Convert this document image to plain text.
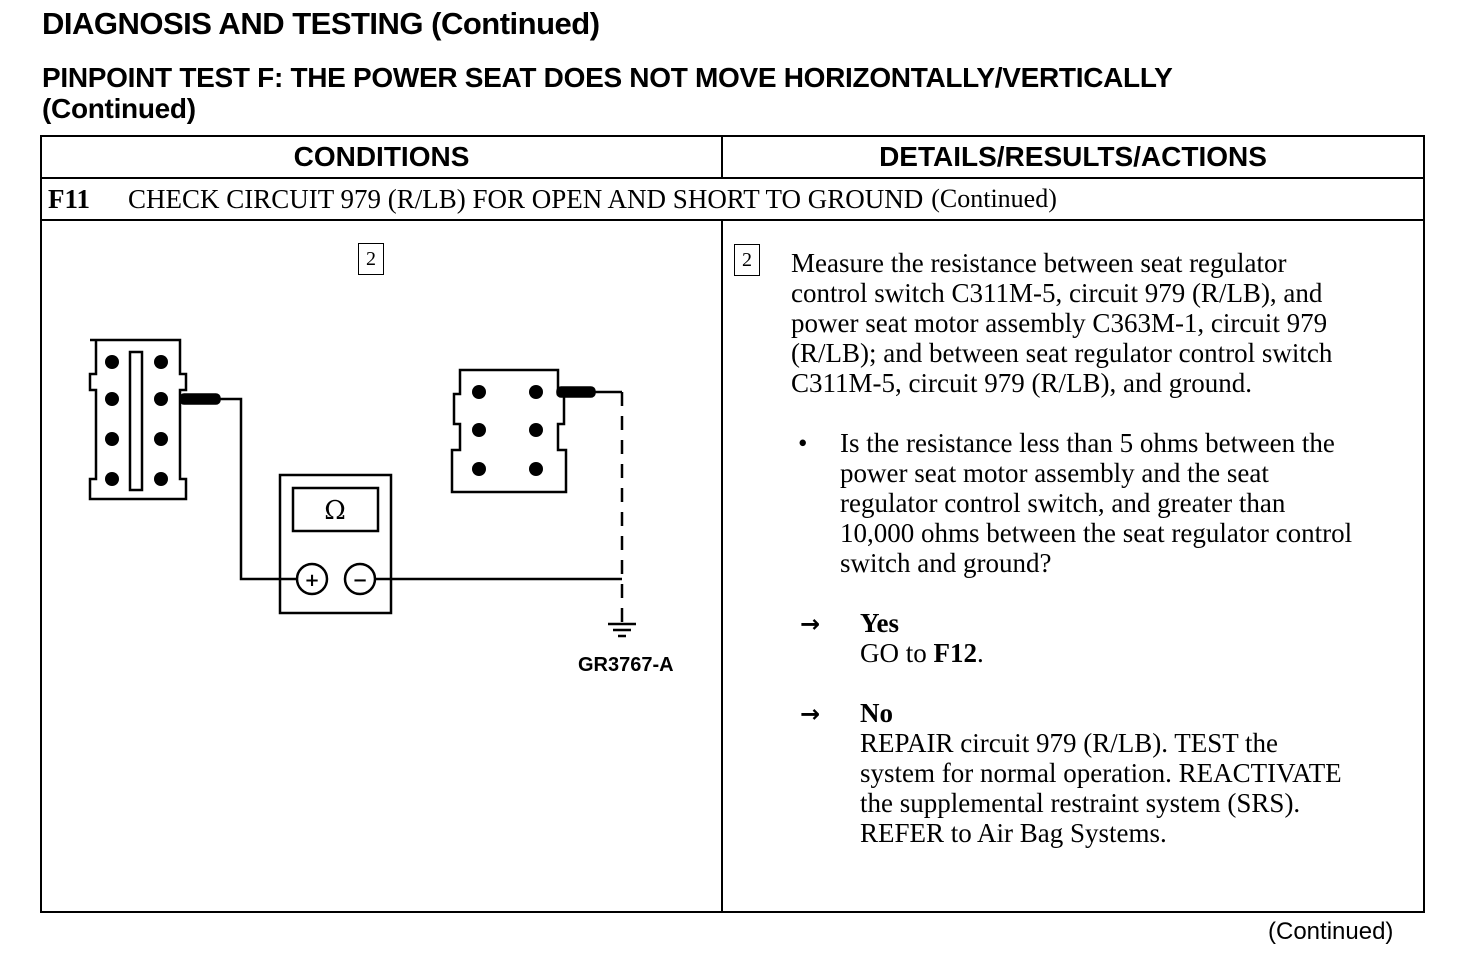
DIAGNOSIS AND TESTING (Continued)
PINPOINT TEST F: THE POWER SEAT DOES NOT MOVE HORIZONTALLY/VERTICALLY
(Continued)
CONDITIONS	DETAILS/RESULTS/ACTIONS
F11	CHECK CIRCUIT 979 (R/LB) FOR OPEN AND SHORT TO GROUND (Continued)
2
Ω
+ −
GR3767-A
2 Measure the resistance between seat regulator
control switch C311M-5, circuit 979 (R/LB), and
power seat motor assembly C363M-1, circuit 979
(R/LB); and between seat regulator control switch
C311M-5, circuit 979 (R/LB), and ground.
• Is the resistance less than 5 ohms between the
power seat motor assembly and the seat
regulator control switch, and greater than
10,000 ohms between the seat regulator control
switch and ground?
→ Yes
GO to F12.
→ No
REPAIR circuit 979 (R/LB). TEST the
system for normal operation. REACTIVATE
the supplemental restraint system (SRS).
REFER to Air Bag Systems.
(Continued)
